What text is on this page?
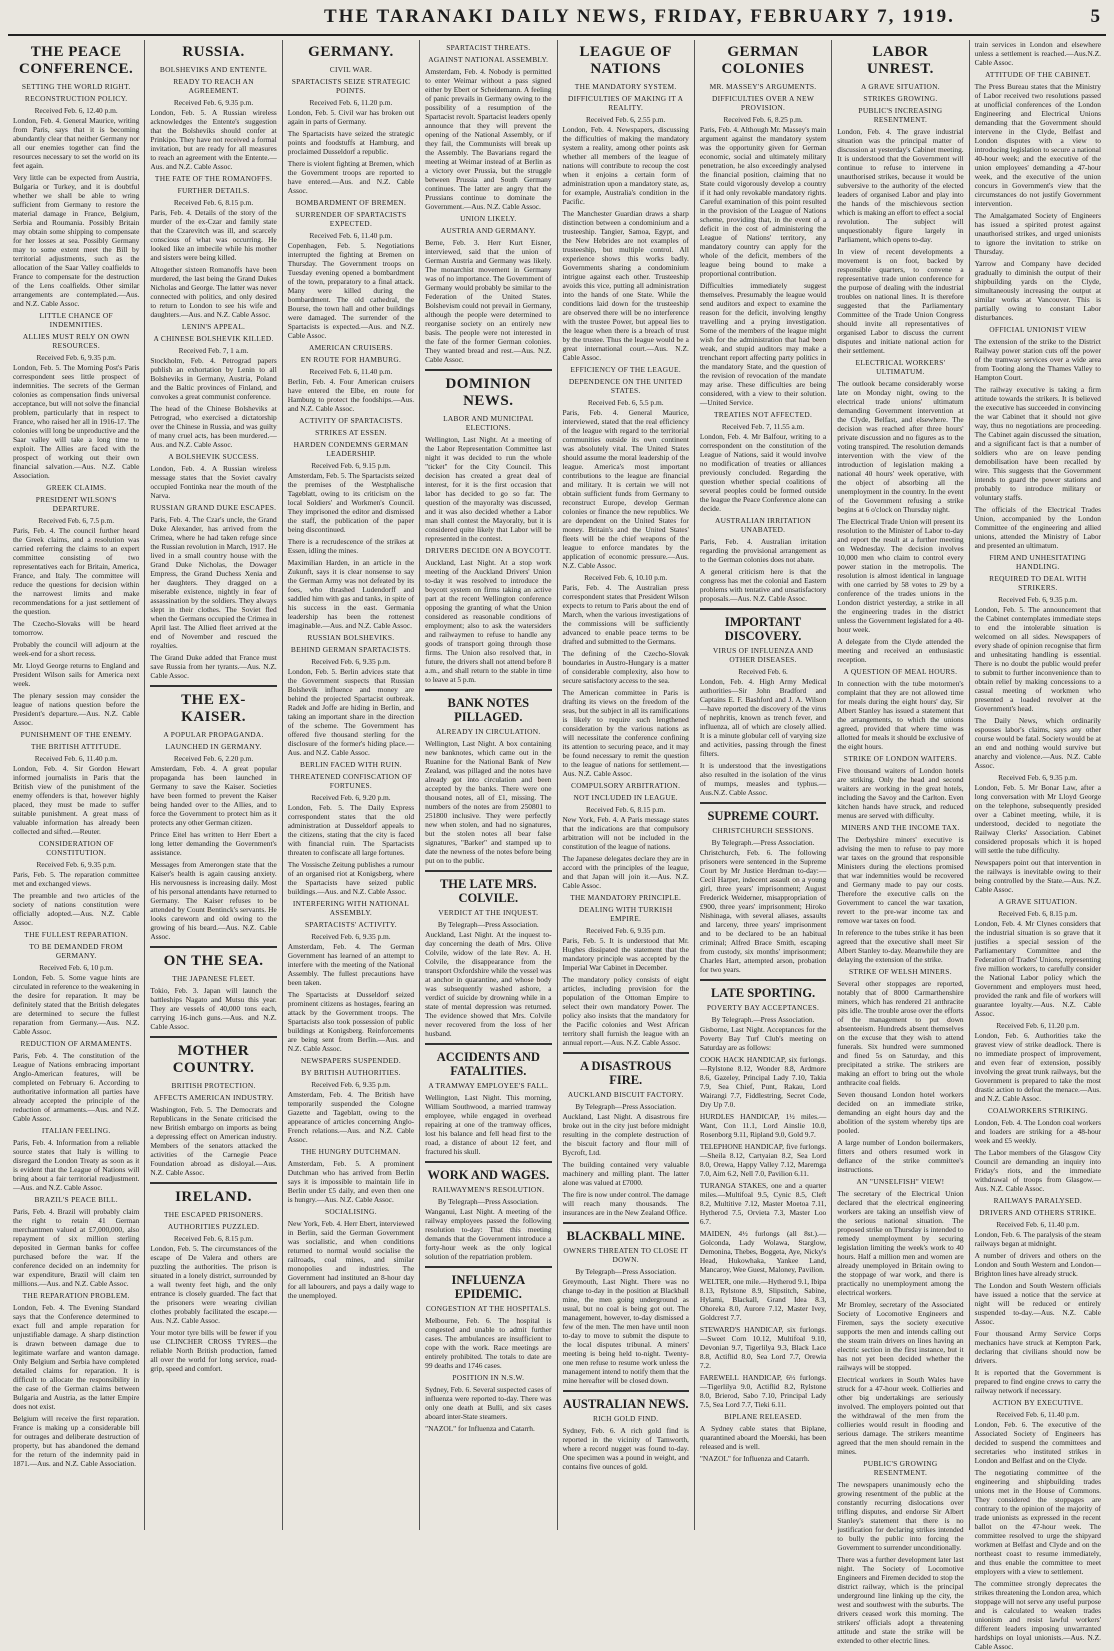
THE TARANAKI DAILY NEWS, FRIDAY, FEBRUARY 7, 1919.	5
THE PEACE CONFERENCE.
SETTING THE WORLD RIGHT.
RECONSTRUCTION POLICY.
Received Feb. 6, 12.40 p.m.

London, Feb. 4. General Maurice, writing from Paris, says that it is becoming abundantly clear that neither Germany nor all our enemies together can find the resources necessary to set the world on its feet again.

Very little can be expected from Austria, Bulgaria or Turkey, and it is doubtful whether we shall be able to wring sufficient from Germany to restore the material damage in France, Belgium, Serbia and Roumania. Possibly Britain may obtain some shipping to compensate for her losses at sea. Possibly Germany may to some extent meet the Bill by territorial adjustments, such as the allocation of the Saar Valley coalfields to France to compensate for the destruction of the Lens coalfields. Other similar arrangements are contemplated.—Aus. and N.Z. Cable Assoc.

LITTLE CHANCE OF INDEMNITIES.
ALLIES MUST RELY ON OWN RESOURCES.
Received Feb. 6, 9.35 p.m.

London, Feb. 5. The Morning Post's Paris correspondent sees little prospect of indemnities. The secrets of the German colonies as compensation finds universal acceptance, but will not solve the financial problem, particularly that in respect to France, who raised her all in 1916-17. The colonies will long be unproductive and the Saar valley will take a long time to exploit. The Allies are faced with the prospect of working out their own financial salvation.—Aus. N.Z. Cable Association.

GREEK CLAIMS.
PRESIDENT WILSON'S DEPARTURE.
Received Feb. 6, 7.5 p.m.

Paris, Feb. 4. The council further heard the Greek claims, and a resolution was carried referring the claims to an expert committee consisting of two representatives each for Britain, America, France, and Italy. The committee will reduce the questions for decision within the narrowest limits and make recommendations for a just settlement of the question.

The Czecho-Slovaks will be heard tomorrow.

Probably the council will adjourn at the week-end for a short recess.

Mr. Lloyd George returns to England and President Wilson sails for America next week.

The plenary session may consider the league of nations question before the President's departure.—Aus. N.Z. Cable Assoc.

PUNISHMENT OF THE ENEMY.
THE BRITISH ATTITUDE.
Received Feb. 6, 11.40 p.m.

London, Feb. 4. Sir Gordon Hewart informed journalists in Paris that the British view of the punishment of the enemy offenders is that, however highly placed, they must be made to suffer suitable punishment. A great mass of valuable information has already been collected and sifted.—Reuter.

CONSIDERATION OF CONSTITUTION.
Received Feb. 6, 9.35 p.m.

Paris, Feb. 5. The reparation committee met and exchanged views.

The preamble and two articles of the society of nations constitution were officially adopted.—Aus. N.Z. Cable Assoc.

THE FULLEST REPARATION.
TO BE DEMANDED FROM GERMANY.
Received Feb. 6, 10 p.m.

London, Feb. 5. Some vague hints are circulated in reference to the weakening in the desire for reparation. It may be definitely stated that the British delegates are determined to secure the fullest reparation from Germany.—Aus. N.Z. Cable Assoc.

REDUCTION OF ARMAMENTS.

Paris, Feb. 4. The constitution of the League of Nations embracing important Anglo-American features, will be completed on February 6. According to authoritative information all parties have already accepted the principle of the reduction of armaments.—Aus. and N.Z. Cable Assoc.

ITALIAN FEELING.

Paris, Feb. 4. Information from a reliable source states that Italy is willing to disregard the London Treaty as soon as it is evident that the League of Nations will bring about a fair territorial readjustment.—Aus. and N.Z. Cable Assoc.

BRAZIL'S PEACE BILL.

Paris, Feb. 4. Brazil will probably claim the right to retain 41 German merchantmen valued at £7,000,000, also repayment of six million sterling deposited in German banks for coffee purchased before the war. If the conference decided on an indemnity for war expenditure, Brazil will claim ten millions.—Aus. and N.Z. Cable Assoc.

THE REPARATION PROBLEM.

London, Feb. 4. The Evening Standard says that the Conference determined to exact full and ample reparation for unjustifiable damage. A sharp distinction is drawn between damage due to legitimate warfare and wanton damage. Only Belgium and Serbia have completed detailed claims for reparation. It is difficult to allocate the responsibility in the case of the German claims between Bulgaria and Austria, as the latter Empire does not exist.

Belgium will receive the first reparation. France is making up a considerable bill for outrages and deliberate destruction of property, but has abandoned the demand for the return of the indemnity paid in 1871.—Aus. and N.Z. Cable Association.

RUSSIA.
BOLSHEVIKS AND ENTENTE.
READY TO REACH AN AGREEMENT.
Received Feb. 6, 9.35 p.m.

London, Feb. 5. A Russian wireless acknowledges the Entente's suggestion that the Bolsheviks should confer at Prinkipo. They have not received a formal invitation, but are ready for all measures to reach an agreement with the Entente.—Aus. and N.Z. Cable Assoc.

THE FATE OF THE ROMANOFFS.
FURTHER DETAILS.
Received Feb. 6, 8.15 p.m.

Paris, Feb. 4. Details of the story of the murder of the ex-Czar and family state that the Czarevitch was ill, and scarcely conscious of what was occurring. He looked like an imbecile while his mother and sisters were being killed.

Altogether sixteen Romanoffs have been murdered, the last being the Grand Dukes Nicholas and George. The latter was never connected with politics, and only desired to return to London to see his wife and daughters.—Aus. and N.Z. Cable Assoc.

LENIN'S APPEAL.
A CHINESE BOLSHEVIK KILLED.
Received Feb. 7, 1 a.m.

Stockholm, Feb. 4. Petrograd papers publish an exhortation by Lenin to all Bolsheviks in Germany, Austria, Poland and the Baltic provinces of Finland, and convokes a great communist conference.

The head of the Chinese Bolsheviks at Petrograd, who exercised a dictatorship over the Chinese in Russia, and was guilty of many cruel acts, has been murdered.—Aus. and N.Z. Cable Assoc.

A BOLSHEVIK SUCCESS.

London, Feb. 4. A Russian wireless message states that the Soviet cavalry occupied Fontinka near the mouth of the Narva.

RUSSIAN GRAND DUKE ESCAPES.

Paris, Feb. 4. The Czar's uncle, the Grand Duke Alexander, has arrived from the Crimea, where he had taken refuge since the Russian revolution in March, 1917. He lived in a small country house with the Grand Duke Nicholas, the Dowager Empress, the Grand Duchess Xenia and her daughters. They dragged on a miserable existence, nightly in fear of assassination by the soldiers. They always slept in their clothes. The Soviet fled when the Germans occupied the Crimea in April last. The Allied fleet arrived at the end of November and rescued the royalties.

The Grand Duke added that France must save Russia from her tyrants.—Aus. N.Z. Cable Assoc.

THE EX-KAISER.
A POPULAR PROPAGANDA.
LAUNCHED IN GERMANY.
Received Feb. 6, 2.20 p.m.

Amsterdam, Feb. 4. A great popular propaganda has been launched in Germany to save the Kaiser. Societies have been formed to prevent the Kaiser being handed over to the Allies, and to force the Government to protect him as it protects any other German citizen.

Prince Eitel has written to Herr Ebert a long letter demanding the Government's assistance.

Messages from Amerongen state that the Kaiser's health is again causing anxiety. His nervousness is increasing daily. Most of his personal attendants have returned to Germany. The Kaiser refuses to be attended by Count Bentinck's servants. He looks careworn and old owing to the growing of his beard.—Aus. N.Z. Cable Assoc.

ON THE SEA.
THE JAPANESE FLEET.

Tokio, Feb. 3. Japan will launch the battleships Nagato and Mutsu this year. They are vessels of 40,000 tons each, carrying 16-inch guns.—Aus. and N.Z. Cable Assoc.

MOTHER COUNTRY.
BRITISH PROTECTION.
AFFECTS AMERICAN INDUSTRY.

Washington, Feb. 5. The Democrats and Republicans in the Senate criticised the new British embargo on imports as being a depressing effect on American industry. Members of the senators attacked the activities of the Carnegie Peace Foundation abroad as disloyal.—Aus. N.Z. Cable Assoc.

IRELAND.
THE ESCAPED PRISONERS.
AUTHORITIES PUZZLED.
Received Feb. 6, 8.15 p.m.

London, Feb. 5. The circumstances of the escape of De Valera and others are puzzling the authorities. The prison is situated in a lonely district, surrounded by a wall twenty feet high, and the only entrance is closely guarded. The fact that the prisoners were wearing civilian clothes probably facilitated the escape.—Aus. N.Z. Cable Assoc.

Your motor tyre bills will be fewer if you use CLINCHER CROSS TYRES—the reliable North British production, famed all over the world for long service, road-grip, speed and comfort.

GERMANY.
CIVIL WAR.
SPARTACISTS SEIZE STRATEGIC POINTS.
Received Feb. 6, 11.20 p.m.

London, Feb. 5. Civil war has broken out again in parts of Germany.

The Spartacists have seized the strategic points and foodstuffs at Hamburg, and proclaimed Dusseldorf a republic.

There is violent fighting at Bremen, which the Government troops are reported to have entered.—Aus. and N.Z. Cable Assoc.

BOMBARDMENT OF BREMEN.
SURRENDER OF SPARTACISTS EXPECTED.
Received Feb. 6, 11.40 p.m.

Copenhagen, Feb. 5. Negotiations interrupted the fighting at Bremen on Thursday. The Government troops on Tuesday evening opened a bombardment of the town, preparatory to a final attack. Many were killed during the bombardment. The old cathedral, the Bourse, the town hall and other buildings were damaged. The surrender of the Spartacists is expected.—Aus. and N.Z. Cable Assoc.

AMERICAN CRUISERS.
EN ROUTE FOR HAMBURG.
Received Feb. 6, 11.40 p.m.

Berlin, Feb. 4. Four American cruisers have entered the Elbe, en route for Hamburg to protect the foodships.—Aus. and N.Z. Cable Assoc.

ACTIVITY OF SPARTACISTS.
STRIKES AT ESSEN.
HARDEN CONDEMNS GERMAN LEADERSHIP.
Received Feb. 6, 9.15 p.m.

Amsterdam, Feb. 5. The Spartacists seized the premises of the Westphalische Tageblatt, owing to its criticism on the local Soldiers' and Workmen's Council. They imprisoned the editor and dismissed the staff, the publication of the paper being discontinued.

There is a recrudescence of the strikes at Essen, idling the mines.

Maximilian Harden, in an article in the Zukunft, says it is clear nonsense to say the German Army was not defeated by its foes, who thrashed Ludendorff and saddled him with gas and tanks, in spite of his success in the east. Germania leadership has been the rottenest imaginable.—Aus. and N.Z. Cable Assoc.

RUSSIAN BOLSHEVIKS.
BEHIND GERMAN SPARTACISTS.
Received Feb. 6, 9.35 p.m.

London, Feb. 5. Berlin advices state that the Government suspects that Russian Bolshevik influence and money are behind the projected Spartacist outbreak. Radek and Joffe are hiding in Berlin, and taking an important share in the direction of the scheme. The Government has offered five thousand sterling for the disclosure of the former's hiding place.—Aus. and N.Z. Cable Assoc.

BERLIN FACED WITH RUIN.
THREATENED CONFISCATION OF FORTUNES.
Received Feb. 6, 9.20 p.m.

London, Feb. 5. The Daily Express correspondent states that the old administration at Dusseldorf appeals to the citizens, stating that the city is faced with financial ruin. The Spartacists threaten to confiscate all large fortunes.

The Vossische Zeitung publishes a rumour of an organised riot at Konigsberg, where the Spartacists have seized public buildings.—Aus. and N.Z. Cable Assoc.

INTERFERING WITH NATIONAL ASSEMBLY.
SPARTACISTS' ACTIVITY.
Received Feb. 6, 9.35 p.m.

Amsterdam, Feb. 4. The German Government has learned of an attempt to interfere with the meeting of the National Assembly. The fullest precautions have been taken.

The Spartacists at Dusseldorf seized prominent citizens as hostages, fearing an attack by the Government troops. The Spartacists also took possession of public buildings at Konigsberg. Reinforcements are being sent from Berlin.—Aus. and N.Z. Cable Assoc.

NEWSPAPERS SUSPENDED.
BY BRITISH AUTHORITIES.
Received Feb. 6, 9.35 p.m.

Amsterdam, Feb. 4. The British have temporarily suspended the Cologne Gazette and Tageblatt, owing to the appearance of articles concerning Anglo-French relations.—Aus. and N.Z. Cable Assoc.

THE HUNGRY DUTCHMAN.

Amsterdam, Feb. 5. A prominent Dutchman who has arrived from Berlin says it is impossible to maintain life in Berlin under £5 daily, and even then one is hungry.—Aus. N.Z. Cable Assoc.

SOCIALISING.

New York, Feb. 4. Herr Ebert, interviewed in Berlin, said the German Government was socialistic, and when conditions returned to normal would socialise the railroads, coal mines, and similar monopolies and industries. The Government had instituted an 8-hour day for all labourers, and pays a daily wage to the unemployed.

SPARTACIST THREATS.
AGAINST NATIONAL ASSEMBLY.

Amsterdam, Feb. 4. Nobody is permitted to enter Weimar without a pass signed either by Ebert or Scheidemann. A feeling of panic prevails in Germany owing to the possibility of a resumption of the Spartacist revolt. Spartacist leaders openly announce that they will prevent the opening of the National Assembly, or if they fail, the Communists will break up the Assembly. The Bavarians regard the meeting at Weimar instead of at Berlin as a victory over Prussia, but the struggle between Prussia and South Germany continues. The latter are angry that the Prussians continue to dominate the Government.—Aus. N.Z. Cable Assoc.

UNION LIKELY.
AUSTRIA AND GERMANY.

Berne, Feb. 3. Herr Kurt Eisner, interviewed, said that the union of German Austria and Germany was likely. The monarchist movement in Germany was of no importance. The Government of Germany would probably be similar to the Federation of the United States. Bolshevism could not prevail in Germany, although the people were determined to reorganise society on an entirely new basis. The people were not interested in the fate of the former German colonies. They wanted bread and rest.—Aus. N.Z. Cable Assoc.

DOMINION NEWS.
LABOR AND MUNICIPAL ELECTIONS.

Wellington, Last Night. At a meeting of the Labor Representation Committee last night it was decided to run the whole "ticket" for the City Council. This decision has created a great deal of interest, for it is the first occasion that labor has decided to go so far. The question of the mayoralty was discussed, and it was also decided whether a Labor man shall contest the Mayoralty, but it is considered quite likely that Labor will be represented in the contest.

DRIVERS DECIDE ON A BOYCOTT.

Auckland, Last Night. At a stop work meeting of the Auckland Drivers' Union to-day it was resolved to introduce the boycott system on firms taking an active part at the recent Wellington conference opposing the granting of what the Union considered as reasonable conditions of employment; also to ask the watersiders and railwaymen to refuse to handle any goods of transport going through those firms. The Union also resolved that, in future, the drivers shall not attend before 8 a.m., and shall return to the stable in time to leave at 5 p.m.

BANK NOTES PILLAGED.
ALREADY IN CIRCULATION.

Wellington, Last Night. A box containing new banknotes, which came out in the Ruanine for the National Bank of New Zealand, was pillaged and the notes have already got into circulation and been accepted by the banks. There were one thousand notes, all of £1, missing. The numbers of the notes are from 250801 to 251800 inclusive. They were perfectly new when stolen, and had no signatures, but the stolen notes all bear false signatures, "Barker" and stamped up to date the newness of the notes before being put on to the public.

THE LATE MRS. COLVILE.
VERDICT AT THE INQUEST.
By Telegraph—Press Association.

Auckland, Last Night. At the inquest to-day concerning the death of Mrs. Olive Colvile, widow of the late Rev. A. H. Colvile, the disappearance from the transport Oxfordshire while the vessel was at anchor in quarantine, and whose body was subsequently washed ashore, a verdict of suicide by drowning while in a state of mental depression was returned. The evidence showed that Mrs. Colvile never recovered from the loss of her husband.

ACCIDENTS AND FATALITIES.
A TRAMWAY EMPLOYEE'S FALL.

Wellington, Last Night. This morning, William Southwood, a married tramway employee, while engaged in overhead repairing at one of the tramway offices, lost his balance and fell head first to the road, a distance of about 12 feet, and fractured his skull.

WORK AND WAGES.
RAILWAYMEN'S RESOLUTION.
By Telegraph—Press Association.

Wanganui, Last Night. A meeting of the railway employees passed the following resolution to-day: That this meeting demands that the Government introduce a forty-hour week as the only logical solution of the repatriation problem.

INFLUENZA EPIDEMIC.
CONGESTION AT THE HOSPITALS.

Melbourne, Feb. 6. The hospital is congested and unable to admit further cases. The ambulances are insufficient to cope with the work. Race meetings are entirely prohibited. The totals to date are 99 deaths and 1746 cases.

POSITION IN N.S.W.

Sydney, Feb. 6. Several suspected cases of influenza were reported to-day. There was only one death at Bulli, and six cases aboard inter-State steamers.

"NAZOL" for Influenza and Catarrh.

LEAGUE OF NATIONS
THE MANDATORY SYSTEM.
DIFFICULTIES OF MAKING IT A REALITY.
Received Feb. 6, 2.55 p.m.

London, Feb. 4. Newspapers, discussing the difficulties of making the mandatory system a reality, among other points ask whether all members of the league of nations will contribute to recoup the cost when it enjoins a certain form of administration upon a mandatory state, as, for example, Australia's condition in the Pacific.

The Manchester Guardian draws a sharp distinction between a condominium and a trusteeship. Tangier, Samoa, Egypt, and the New Hebrides are not examples of trusteeship, but multiple control. All experience shows this works badly. Governments sharing a condominium intrigue against each other. Trusteeship avoids this vice, putting all administration into the hands of one State. While the conditions laid down for the trusteeship are observed there will be no interference with the trustee Power, but appeal lies to the league when there is a breach of trust by the trustee. Thus the league would be a great international court.—Aus. N.Z. Cable Assoc.

EFFICIENCY OF THE LEAGUE.
DEPENDENCE ON THE UNITED STATES.
Received Feb. 6, 5.5 p.m.

Paris, Feb. 4. General Maurice, interviewed, stated that the real efficiency of the league with regard to the territorial communities outside its own continent was absolutely vital. The United States should assume the moral leadership of the league. America's most important contributions to the league are financial and military. It is certain we will not obtain sufficient funds from Germany to reconstruct Europe, develop German colonies or finance the new republics. We are dependent on the United States for money. Britain's and the United States' fleets will be the chief weapons of the league to enforce mandates by the application of economic pressure.—Aus. N.Z. Cable Assoc.

Received Feb. 6, 10.10 p.m.

Paris, Feb. 4. The Australian press correspondent states that President Wilson expects to return to Paris about the end of March, when the various investigations of the commissions will be sufficiently advanced to enable peace terms to be drafted and submitted to the Germans.

The defining of the Czecho-Slovak boundaries in Austro-Hungary is a matter of considerable complexity, also how to secure satisfactory access to the sea.

The American committee in Paris is drafting its views on the freedom of the seas, but the subject in all its ramifications is likely to require such lengthened consideration by the various nations as will necessitate the conference confining its attention to securing peace, and it may be found necessary to remit the question to the league of nations for settlement.—Aus. N.Z. Cable Assoc.

COMPULSORY ARBITRATION.
NOT INCLUDED IN LEAGUE.
Received Feb. 6, 8.15 p.m.

New York, Feb. 4. A Paris message states that the indications are that compulsory arbitration will not be included in the constitution of the league of nations.

The Japanese delegates declare they are in accord with the principles of the league, and that Japan will join it.—Aus. N.Z. Cable Assoc.

THE MANDATORY PRINCIPLE.
DEALING WITH TURKISH EMPIRE.
Received Feb. 6, 9.35 p.m.

Paris, Feb. 5. It is understood that Mr. Hughes dissipated the statement that the mandatory principle was accepted by the Imperial War Cabinet in December.

The mandatory policy consists of eight articles, including provision for the population of the Ottoman Empire to select their own mandatory Power. The policy also insists that the mandatory for the Pacific colonies and West African territory shall furnish the league with an annual report.—Aus. N.Z. Cable Assoc.

A DISASTROUS FIRE.
AUCKLAND BISCUIT FACTORY.
By Telegraph—Press Association.

Auckland, Last Night. A disastrous fire broke out in the city just before midnight resulting in the complete destruction of the biscuit factory and flour mill of Bycroft, Ltd.

The building contained very valuable machinery and milling plant. The latter alone was valued at £7000.

The fire is now under control. The damage will reach many thousands. The insurances are in the New Zealand Office.

BLACKBALL MINE.
OWNERS THREATEN TO CLOSE IT DOWN.
By Telegraph—Press Association.

Greymouth, Last Night. There was no change to-day in the position at Blackball mine, the men going underground as usual, but no coal is being got out. The management, however, to-day dismissed a few of the men. The men have until noon to-day to move to submit the dispute to the local disputes tribunal. A miners' meeting is being held to-night. Twenty-one men refuse to resume work unless the management intend to notify them that the mine hereafter will be closed down.

AUSTRALIAN NEWS.
RICH GOLD FIND.

Sydney, Feb. 6. A rich gold find is reported in the vicinity of Tamworth, where a record nugget was found to-day. One specimen was a pound in weight, and contains five ounces of gold.

GERMAN COLONIES
MR. MASSEY'S ARGUMENTS.
DIFFICULTIES OVER A NEW PROVISION.
Received Feb. 6, 8.25 p.m.

Paris, Feb. 4. Although Mr. Massey's main argument against the mandatory system was the opportunity given for German economic, social and ultimately military penetration, he also exceedingly analysed the financial position, claiming that no State could vigorously develop a country if it had only revokable mandatory rights. Careful examination of this point resulted in the provision of the League of Nations scheme, providing that, in the event of a deficit in the cost of administering the League of Nations' territory, any mandatory country can apply for the whole of the deficit, members of the league being bound to make a proportional contribution.

Difficulties immediately suggest themselves. Presumably the league would send auditors and expect to examine the reason for the deficit, involving lengthy travelling and a prying investigation. Some of the members of the league might wish for the administration that had been weak, and stupid auditors may make a trenchant report affecting party politics in the mandatory State, and the question of the revision of revocation of the mandate may arise. These difficulties are being considered, with a view to their solution.—United Service.

TREATIES NOT AFFECTED.
Received Feb. 7, 11.55 a.m.

London, Feb. 4. Mr Balfour, writing to a correspondent on the constitution of the League of Nations, said it would involve no modification of treaties or alliances previously concluded. Regarding the question whether special coalitions of several peoples could be formed outside the league the Peace Conference alone can decide.

AUSTRALIAN IRRITATION UNABATED.

Paris, Feb. 4. Australian irritation regarding the provisional arrangement as to the German colonies does not abate.

A general criticism here is that the congress has met the colonial and Eastern problems with tentative and unsatisfactory proposals.—Aus. N.Z. Cable Assoc.

IMPORTANT DISCOVERY.
VIRUS OF INFLUENZA AND OTHER DISEASES.
Received Feb. 6.

London, Feb. 4. High Army Medical authorities—Sir John Bradford and Captains E. F. Bashford and J. A. Wilson—have reported the discovery of the virus of nephritis, known as trench fever, and influenza, all of which are closely allied. It is a minute globular cell of varying size and activities, passing through the finest filters.

It is understood that the investigations also resulted in the isolation of the virus of mumps, measles and typhus.—Aus.N.Z. Cable Assoc.

SUPREME COURT.
CHRISTCHURCH SESSIONS.
By Telegraph.—Press Association.

Christchurch, Feb. 6. The following prisoners were sentenced in the Supreme Court by Mr Justice Herdman to-day:—Cecil Harper, indecent assault on a young girl, three years' imprisonment; August Frederick Weiderner, misappropriation of £900, three years' imprisonment; Hiroko Nishinaga, with several aliases, assaults and larceny, three years' imprisonment and to be declared to be an habitual criminal; Alfred Brace Smith, escaping from custody, six months' imprisonment; Charles Hart, attempted arson, probation for two years.

LATE SPORTING.
POVERTY BAY ACCEPTANCES.
By Telegraph.—Press Association.

Gisborne, Last Night. Acceptances for the Poverty Bay Turf Club's meeting on Saturday are as follows:

COOK HACK HANDICAP, six furlongs.—Rylstone 8.12, Wonder 8.8, Ardmore 8.6, Gazeley, Principal Lady 7.10, Takia 7.9, Sea Chief, Punt, Rakau, Lord Wairangi 7.7, Fiddlestring, Secret Code, Dry Up 7.0.

HURDLES HANDICAP, 1½ miles.—Want, Con 11.1, Lord Ainslie 10.0, Rosenborg 9.11, Ripland 9.0, Gold 9.7.

TELEPHONE HANDICAP, five furlongs.—Sheila 8.12, Cartyaian 8.2, Sea Lord 8.0, Orewa, Happy Valley 7.12, Maremga 7.0, Aim 6.2, Nell 7.0, Pavilion 6.11.

TURANGA STAKES, one and a quarter miles.—Multifoal 9.5, Cynic 8.5, Cleft 8.2, Multitive 7.12, Master Moetoa 7.11, Hytherod 7.5, Orvieta 7.3, Master Loo 6.7.

MAIDEN, 4½ furlongs (all 8st.).—Golconda, Lady Wolawa, Starglow, Demonina, Thebes, Boggeta, Aye, Nicky's Head, Hukowhaka, Yankee Land, Mancaroy, Wee Guest, Maloney, Pavilion.

WELTER, one mile.—Hytherod 9.1, Ibipa 8.13, Rylstone 8.9, Slipstitch, Sabine, Hylami, Blackall, Grand Idea 8.3, Ohoreka 8.0, Aurore 7.12, Master Ivey, Goldcrest 7.7.

STEWARD'S HANDICAP, six furlongs.—Sweet Corn 10.12, Multifoal 9.10, Devonian 9.7, Tigerlilya 9.3, Black Lace 8.8, Actiflid 8.0, Sea Lord 7.7, Orewia 7.2.

FAREWELL HANDICAP, 6½ furlongs.—Tigerlilya 9.0, Actiflid 8.2, Rylstone 8.0, Brierod, Sabo 7.10, Principal Lady 7.5, Sea Lord 7.7, Tieki 6.11.

BIPLANE RELEASED.

A Sydney cable states that Biplane, quarantined aboard the Moerski, has been released and is well.

"NAZOL" for Influenza and Catarrh.

LABOR UNREST.
A GRAVE SITUATION.
STRIKES GROWING.
PUBLIC'S INCREASING RESENTMENT.

London, Feb. 4. The grave industrial situation was the principal matter of discussion at yesterday's Cabinet meeting. It is understood that the Government will continue to refuse to intervene in unauthorised strikes, because it would be subversive to the authority of the elected leaders of organised Labor and play into the hands of the mischievous section which is making an effort to effect a social revolution. The subject will unquestionably figure largely in Parliament, which opens to-day.

In view of recent developments a movement is on foot, backed by responsible quarters, to convene a representative trade union conference for the purpose of dealing with the industrial troubles on national lines. It is therefore suggested that the Parliamentary Committee of the Trade Union Congress should invite all representatives of organised Labor to discuss the current disputes and initiate national action for their settlement.

ELECTRICAL WORKERS' ULTIMATUM.

The outlook became considerably worse late on Monday night, owing to the electrical trade unions' ultimatum demanding Government intervention at the Clyde, Belfast, and elsewhere. The decision was reached after three hours' private discussion and no figures as to the voting transpired. The resolution demands intervention with the view of the introduction of legislation making a national 40 hours' week operative, with the object of absorbing all the unemployment in the country. In the event of the Government refusing a strike begins at 6 o'clock on Thursday night.

The Electrical Trade Union will present its resolution to the Minister of Labor to-day and report the result at a further meeting on Wednesday. The decision involves 10,000 men who claim to control every power station in the metropolis. The resolution is almost identical in language with one carried by 58 votes to 29 by a conference of the trades unions in the London district yesterday, a strike in all the engineering trades in the district unless the Government legislated for a 40-hour week.

A delegate from the Clyde attended the meeting and received an enthusiastic reception.

A QUESTION OF MEAL HOURS.

In connection with the tube motormen's complaint that they are not allowed time for meals during the eight hours' day, Sir Albert Stanley has issued a statement that the arrangements, to which the unions agreed, provided that where time was allotted for meals it should be exclusive of the eight hours.

STRIKE OF LONDON WAITERS.

Five thousand waiters of London hotels are striking. Only the head and second waiters are working in the great hotels, including the Savoy and the Carlton. Even kitchen hands have struck, and reduced menus are served with difficulty.

MINERS AND THE INCOME TAX.

The Derbyshire miners' executive is advising the men to refuse to pay more war taxes on the ground that responsible Ministers during the elections promised that war indemnities would be recovered and Germany made to pay our costs. Therefore the executive calls on the Government to cancel the war taxation, revert to the pre-war income tax and remove war taxes on food.

In reference to the tubes strike it has been agreed that the executive shall meet Sir Albert Stanley to-day. Meanwhile they are delaying the extension of the strike.

STRIKE OF WELSH MINERS.

Several other stoppages are reported, notably that of 8000 Carmarthenshire miners, which has rendered 21 anthracite pits idle. The trouble arose over the efforts of the management to put down absenteeism. Hundreds absent themselves on the excuse that they wish to attend funerals. Six hundred were summoned and fined 5s on Saturday, and this precipitated a strike. The strikers are making an effort to bring out the whole anthracite coal fields.

Seven thousand London hotel workers decided on an immediate strike, demanding an eight hours day and the abolition of the system whereby tips are pooled.

A large number of London boilermakers, fitters and others resumed work in defiance of the strike committee's instructions.

AN "UNSELFISH" VIEW!

The secretary of the Electrical Union declared that the electrical engineering workers are taking an unselfish view of the serious national situation. The proposed strike on Thursday is intended to remedy unemployment by securing legislation limiting the week's work to 40 hours. Half a million men and women are already unemployed in Britain owing to the stoppage of war work, and there is practically no unemployment among the electrical workers.

Mr Bromley, secretary of the Associated Society of Locomotive Engineers and Firemen, says the society executive supports the men and intends calling out the steam train drivers on lines having an electric section in the first instance, but it has not yet been decided whether the railways will be stopped.

Electrical workers in South Wales have struck for a 47-hour week. Collieries and other big undertakings are seriously involved. The employers pointed out that the withdrawal of the men from the collieries would result in flooding and serious damage. The strikers meantime agreed that the men should remain in the mines.

PUBLIC'S GROWING RESENTMENT.

The newspapers unanimously echo the growing resentment of the public at the constantly recurring dislocations over trifling disputes, and endorse Sir Albert Stanley's statement that there is no justification for declaring strikes intended to bully the public into forcing the Government to surrender unconditionally.

There was a further development later last night. The Society of Locomotive Engineers and Firemen decided to stop the district railway, which is the principal underground line linking up the city, the west and southwest with the suburbs. The drivers ceased work this morning. The strikers' officials adopt a threatening attitude and state the strike will be extended to other electric lines.

train services in London and elsewhere unless a settlement is reached.—Aus.N.Z. Cable Assoc.

ATTITUDE OF THE CABINET.

The Press Bureau states that the Ministry of Labor received two resolutions passed at unofficial conferences of the London Engineering and Electrical Unions demanding that the Government should intervene in the Clyde, Belfast and London disputes with a view to introducing legislation to secure a national 40-hour week; and the executive of the union employees' demanding a 47-hour week, and the executive of the union concurs in Government's view that the circumstances do not justify Government intervention.

The Amalgamated Society of Engineers has issued a spirited protest against unauthorised strikes, and urged unionists to ignore the invitation to strike on Thursday.

Yarrow and Company have decided gradually to diminish the output of their shipbuilding yards on the Clyde, simultaneously increasing the output at similar works at Vancouver. This is partially owing to constant Labor disturbances.

OFFICIAL UNIONIST VIEW

The extension of the strike to the District Railway power station cuts off the power of the tramway services over a wide area from Tooting along the Thames Valley to Hampton Court.

The railway executive is taking a firm attitude towards the strikers. It is believed the executive has succeeded in convincing the war Cabinet that it should not give way, thus no negotiations are proceeding. The Cabinet again discussed the situation, and a significant fact is that a number of soldiers who are on leave pending demobilisation have been recalled by wire. This suggests that the Government intends to guard the power stations and probably to introduce military or voluntary staffs.

The officials of the Electrical Trades Union, accompanied by the London Committee of the engineering and allied unions, attended the Ministry of Labor and presented an ultimatum.

FIRM AND UNHESITATING HANDLING.
REQUIRED TO DEAL WITH STRIKERS.
Received Feb. 6, 9.35 p.m.

London, Feb. 5. The announcement that the Cabinet contemplates immediate steps to end the intolerable situation is welcomed on all sides. Newspapers of every shade of opinion recognise that firm and unhesitating handling is essential. There is no doubt the public would prefer to submit to further inconvenience than to obtain relief by making concessions to a casual meeting of workmen who presented a loaded revolver at the Government's head.

The Daily News, which ordinarily espouses labor's claims, says any other course would be fatal. Society would be at an end and nothing would survive but anarchy and violence.—Aus. N.Z. Cable Assoc.

Received Feb. 6, 9.35 p.m.

London, Feb. 5. Mr Bonar Law, after a long conversation with Mr Lloyd George on the telephone, subsequently presided over a Cabinet meeting, while, it is understood, decided to negotiate the Railway Clerks' Association. Cabinet considered proposals which it is hoped will settle the tube difficulty.

Newspapers point out that intervention in the railways is inevitable owing to their being controlled by the State.—Aus. N.Z. Cable Assoc.

A GRAVE SITUATION.
Received Feb. 6, 8.15 p.m.

London, Feb. 4. Mr Clynes considers that the industrial situation is so grave that it justifies a special session of the Parliamentary Committee and the Federation of Trades' Unions, representing five million workers, to carefully consider the National Labor policy which the Government and employers must heed, provided the rank and file of workers will guarantee loyalty.—Aus. N.Z. Cable Assoc.

Received Feb. 6, 11.20 p.m.

London, Feb. 6. Authorities take the gravest view of strike deadlock. There is no immediate prospect of improvement, and even fear of extension, possibly involving the great trunk railways, but the Government is prepared to take the most drastic action to defeat the menace.—Aus. and N.Z. Cable Assoc.

COALWORKERS STRIKING.

London, Feb. 4. The London coal workers and loaders are striking for a 48-hour week and £5 weekly.

The Labor members of the Glasgow City Council are demanding an inquiry into Friday's riots, and the immediate withdrawal of troops from Glasgow.—Aus. N.Z. Cable Assoc.

RAILWAYS PARALYSED.
DRIVERS AND OTHERS STRIKE.
Received Feb. 6, 11.40 p.m.

London, Feb. 6. The paralysis of the steam railways began at midnight.

A number of drivers and others on the London and South Western and London—Brighton lines have already struck.

The London and South Western officials have issued a notice that the service at night will be reduced or entirely suspended to-day.—Aus. N.Z. Cable Assoc.

Four thousand Army Service Corps mechanics have struck at Kempton Park, declaring that civilians should now be drivers.

It is reported that the Government is prepared to find engine crews to carry the railway network if necessary.

ACTION BY EXECUTIVE.
Received Feb. 6, 11.40 p.m.

London, Feb. 6. The executive of the Associated Society of Engineers has decided to suspend the committees and secretaries who instituted strikes in London and Belfast and on the Clyde.

The negotiating committee of the engineering and shipbuilding trades unions met in the House of Commons. They considered the stoppages are contrary to the opinion of the majority of trade unionists as expressed in the recent ballot on the 47-hour week. The committee resolved to urge the shipyard workmen at Belfast and Clyde and on the northeast coast to resume immediately, and thus enable the committee to meet employers with a view to settlement.

The committee strongly deprecates the strikes threatening the London area, which stoppage will not serve any useful purpose and is calculated to weaken trades unionism and resist lawful workers' different leaders imposing unwarranted hardships on loyal unionists.—Aus. N.Z. Cable Assoc.
